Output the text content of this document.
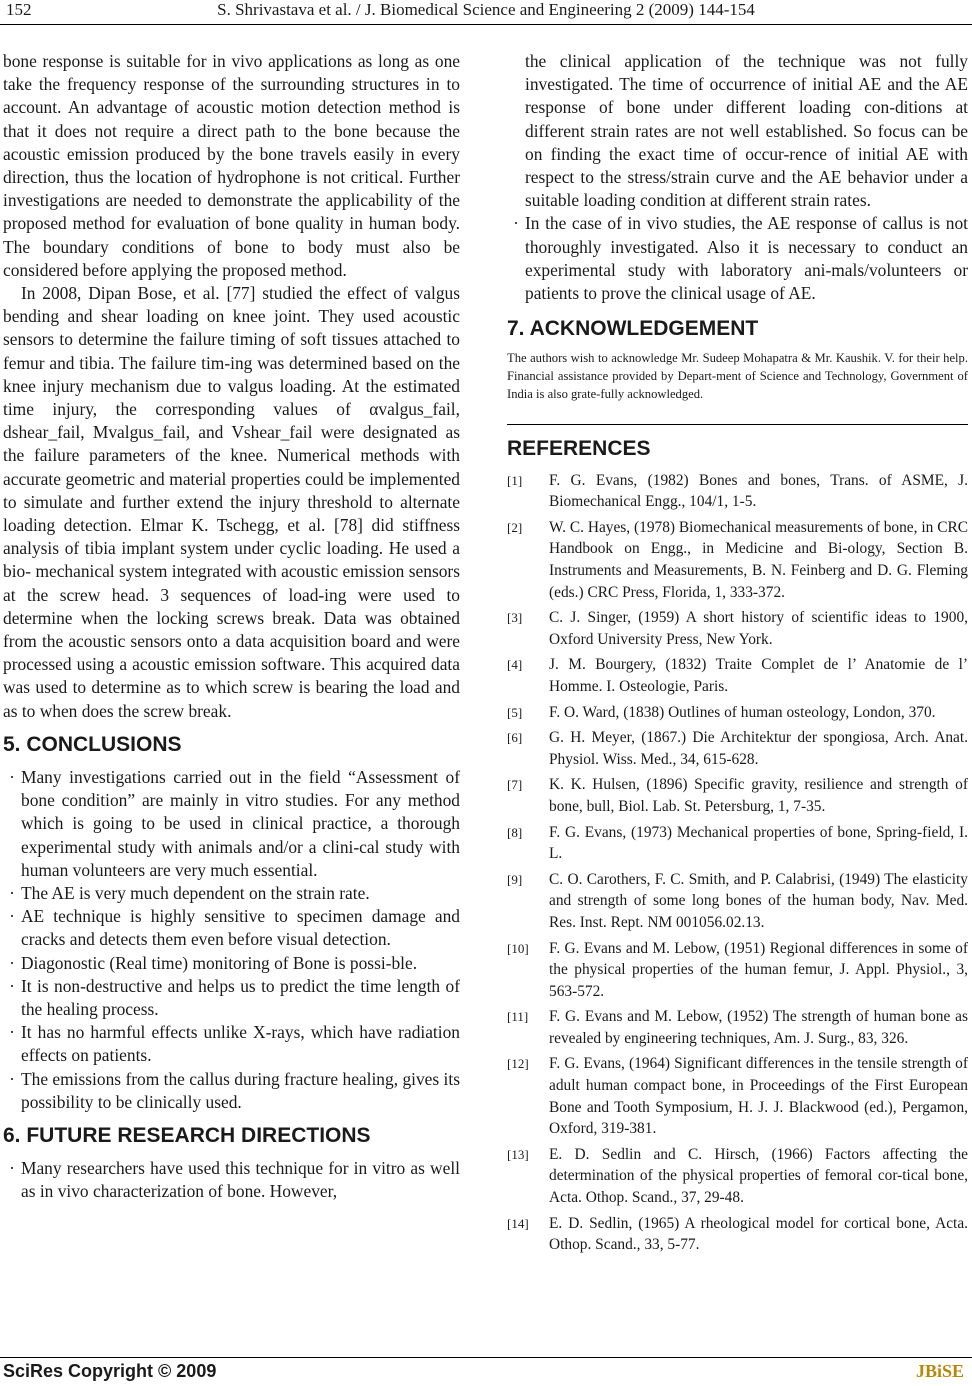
152	S. Shrivastava et al. / J. Biomedical Science and Engineering 2 (2009) 144-154

bone response is suitable for in vivo applications as long as one take the frequency response of the surrounding structures in to account. An advantage of acoustic motion detection method is that it does not require a direct path to the bone because the acoustic emission produced by the bone travels easily in every direction, thus the location of hydrophone is not critical. Further investigations are needed to demonstrate the applicability of the proposed method for evaluation of bone quality in human body. The boundary conditions of bone to body must also be considered before applying the proposed method.

In 2008, Dipan Bose, et al. [77] studied the effect of valgus bending and shear loading on knee joint. They used acoustic sensors to determine the failure timing of soft tissues attached to femur and tibia. The failure tim-ing was determined based on the knee injury mechanism due to valgus loading. At the estimated time injury, the corresponding values of αvalgus_fail, dshear_fail, Mvalgus_fail, and Vshear_fail were designated as the failure parameters of the knee. Numerical methods with accurate geometric and material properties could be implemented to simulate and further extend the injury threshold to alternate loading detection. Elmar K. Tschegg, et al. [78] did stiffness analysis of tibia implant system under cyclic loading. He used a bio- mechanical system integrated with acoustic emission sensors at the screw head. 3 sequences of load-ing were used to determine when the locking screws break. Data was obtained from the acoustic sensors onto a data acquisition board and were processed using a acoustic emission software. This acquired data was used to determine as to which screw is bearing the load and as to when does the screw break.

5. CONCLUSIONS
· Many investigations carried out in the field “Assessment of bone condition” are mainly in vitro studies. For any method which is going to be used in clinical practice, a thorough experimental study with animals and/or a clini-cal study with human volunteers are very much essential.
· The AE is very much dependent on the strain rate.
· AE technique is highly sensitive to specimen damage and cracks and detects them even before visual detection.
· Diagonostic (Real time) monitoring of Bone is possi-ble.
· It is non-destructive and helps us to predict the time length of the healing process.
· It has no harmful effects unlike X-rays, which have radiation effects on patients.
· The emissions from the callus during fracture healing, gives its possibility to be clinically used.
6. FUTURE RESEARCH DIRECTIONS
· Many researchers have used this technique for in vitro as well as in vivo characterization of bone. However,

the clinical application of the technique was not fully investigated. The time of occurrence of initial AE and the AE response of bone under different loading con-ditions at different strain rates are not well established. So focus can be on finding the exact time of occur-rence of initial AE with respect to the stress/strain curve and the AE behavior under a suitable loading condition at different strain rates.

· In the case of in vivo studies, the AE response of callus is not thoroughly investigated. Also it is necessary to conduct an experimental study with laboratory ani-mals/volunteers or patients to prove the clinical usage of AE.
7. ACKNOWLEDGEMENT

The authors wish to acknowledge Mr. Sudeep Mohapatra & Mr. Kaushik. V. for their help. Financial assistance provided by Depart-ment of Science and Technology, Government of India is also grate-fully acknowledged.

REFERENCES
[1]	F. G. Evans, (1982) Bones and bones, Trans. of ASME, J. Biomechanical Engg., 104/1, 1-5.
[2]	W. C. Hayes, (1978) Biomechanical measurements of bone, in CRC Handbook on Engg., in Medicine and Bi-ology, Section B. Instruments and Measurements, B. N. Feinberg and D. G. Fleming (eds.) CRC Press, Florida, 1, 333-372.
[3]	C. J. Singer, (1959) A short history of scientific ideas to 1900, Oxford University Press, New York.
[4]	J. M. Bourgery, (1832) Traite Complet de l’ Anatomie de l’ Homme. I. Osteologie, Paris.
[5]	F. O. Ward, (1838) Outlines of human osteology, London, 370.
[6]	G. H. Meyer, (1867.) Die Architektur der spongiosa, Arch. Anat. Physiol. Wiss. Med., 34, 615-628.
[7]	K. K. Hulsen, (1896) Specific gravity, resilience and strength of bone, bull, Biol. Lab. St. Petersburg, 1, 7-35.
[8]	F. G. Evans, (1973) Mechanical properties of bone, Spring-field, I. L.
[9]	C. O. Carothers, F. C. Smith, and P. Calabrisi, (1949) The elasticity and strength of some long bones of the human body, Nav. Med. Res. Inst. Rept. NM 001056.02.13.
[10]	F. G. Evans and M. Lebow, (1951) Regional differences in some of the physical properties of the human femur, J. Appl. Physiol., 3, 563-572.
[11]	F. G. Evans and M. Lebow, (1952) The strength of human bone as revealed by engineering techniques, Am. J. Surg., 83, 326.
[12]	F. G. Evans, (1964) Significant differences in the tensile strength of adult human compact bone, in Proceedings of the First European Bone and Tooth Symposium, H. J. J. Blackwood (ed.), Pergamon, Oxford, 319-381.
[13]	E. D. Sedlin and C. Hirsch, (1966) Factors affecting the determination of the physical properties of femoral cor-tical bone, Acta. Othop. Scand., 37, 29-48.
[14]	E. D. Sedlin, (1965) A rheological model for cortical bone, Acta. Othop. Scand., 33, 5-77.
SciRes Copyright © 2009	JBiSE
